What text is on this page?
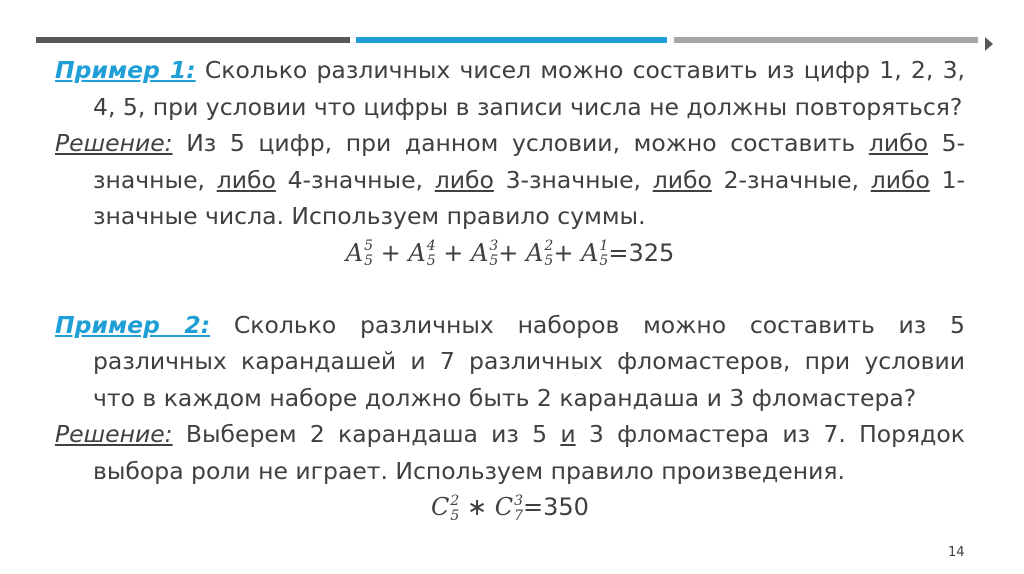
Пример 1: Сколько различных чисел можно составить из цифр 1, 2, 3, 4, 5, при условии что цифры в записи числа не должны повторяться?

Решение: Из 5 цифр, при данном условии, можно составить либо 5-значные, либо 4-значные, либо 3-значные, либо 2-значные, либо 1-значные числа. Используем правило суммы.

A 5
5 + A 4
5 + A 3
5 + A 2
5 + A 1
5 =325

Пример 2: Сколько различных наборов можно составить из 5 различных карандашей и 7 различных фломастеров, при условии что в каждом наборе должно быть 2 карандаша и 3 фломастера?

Решение: Выберем 2 карандаша из 5 и 3 фломастера из 7. Порядок выбора роли не играет. Используем правило произведения.

C 2
5 ∗ C 3
7 =350

14
